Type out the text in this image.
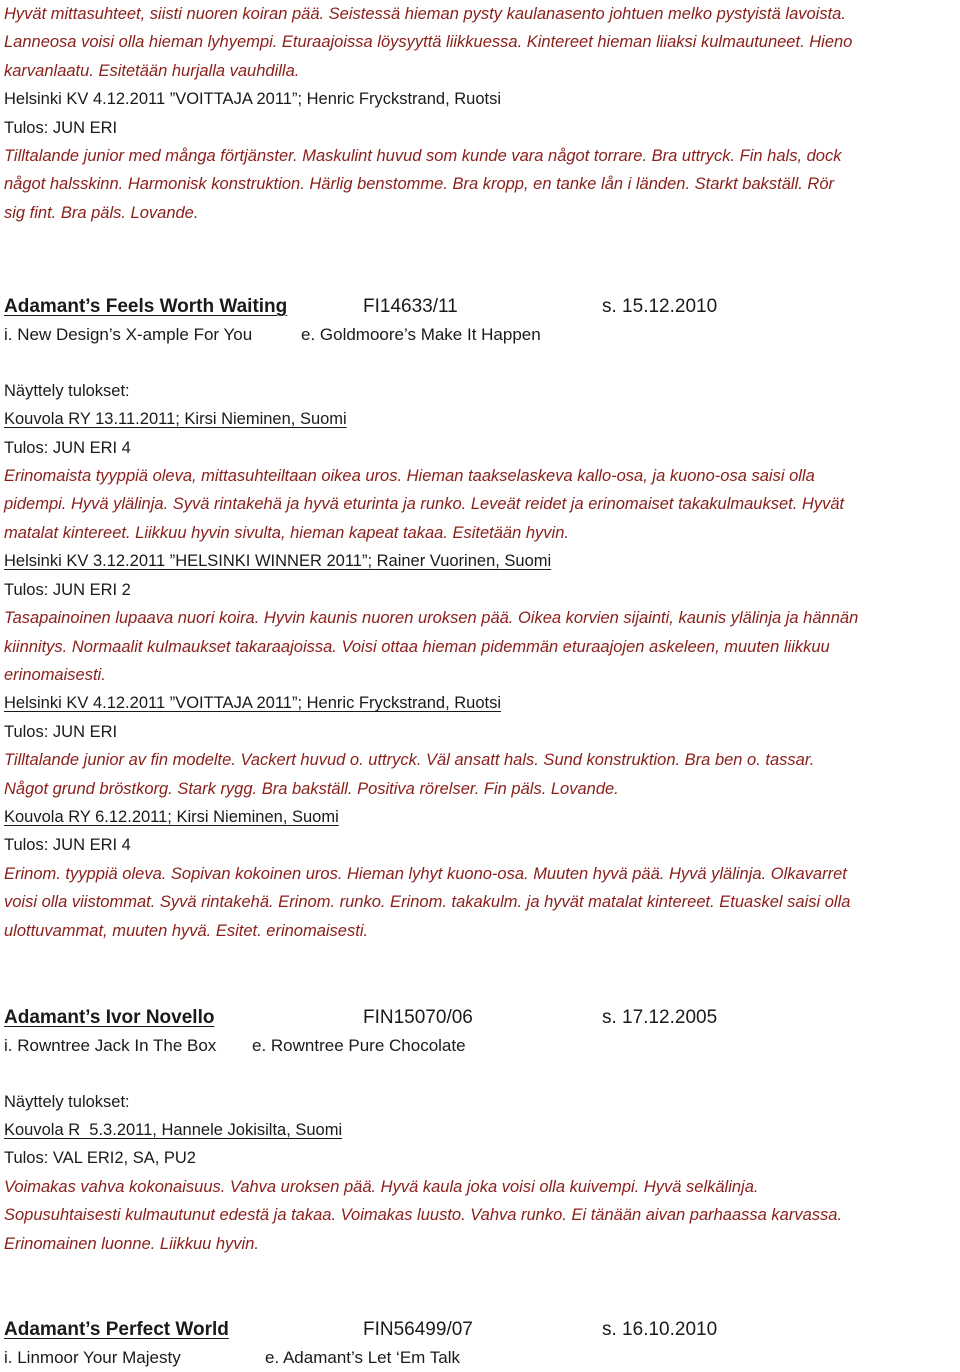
Hyvät mittasuhteet, siisti nuoren koiran pää. Seistessä hieman pysty kaulanasento johtuen melko pystyistä lavoista.
Lanneosa voisi olla hieman lyhyempi. Eturaajoissa löysyyttä liikkuessa. Kintereet hieman liiaksi kulmautuneet. Hieno
karvanlaatu. Esitetään hurjalla vauhdilla.
Helsinki KV 4.12.2011 ”VOITTAJA 2011”; Henric Fryckstrand, Ruotsi
Tulos: JUN ERI
Tilltalande junior med många förtjänster. Maskulint huvud som kunde vara något torrare. Bra uttryck. Fin hals, dock
något halsskinn. Harmonisk konstruktion. Härlig benstomme. Bra kropp, en tanke lån i länden. Starkt bakställ. Rör
sig fint. Bra päls. Lovande.
Adamant’s Feels Worth Waiting	FI14633/11	s. 15.12.2010
i. New Design’s X-ample For You	e. Goldmoore’s Make It Happen
Näyttely tulokset:
Kouvola RY 13.11.2011; Kirsi Nieminen, Suomi
Tulos: JUN ERI 4
Erinomaista tyyppiä oleva, mittasuhteiltaan oikea uros. Hieman taakselaskeva kallo-osa, ja kuono-osa saisi olla
pidempi. Hyvä ylälinja. Syvä rintakehä ja hyvä eturinta ja runko. Leveät reidet ja erinomaiset takakulmaukset. Hyvät
matalat kintereet. Liikkuu hyvin sivulta, hieman kapeat takaa. Esitetään hyvin.
Helsinki KV 3.12.2011 ”HELSINKI WINNER 2011”; Rainer Vuorinen, Suomi
Tulos: JUN ERI 2
Tasapainoinen lupaava nuori koira. Hyvin kaunis nuoren uroksen pää. Oikea korvien sijainti, kaunis ylälinja ja hännän
kiinnitys. Normaalit kulmaukset takaraajoissa. Voisi ottaa hieman pidemmän eturaajojen askeleen, muuten liikkuu
erinomaisesti.
Helsinki KV 4.12.2011 ”VOITTAJA 2011”; Henric Fryckstrand, Ruotsi
Tulos: JUN ERI
Tilltalande junior av fin modelte. Vackert huvud o. uttryck. Väl ansatt hals. Sund konstruktion. Bra ben o. tassar.
Något grund bröstkorg. Stark rygg. Bra bakställ. Positiva rörelser. Fin päls. Lovande.
Kouvola RY 6.12.2011; Kirsi Nieminen, Suomi
Tulos: JUN ERI 4
Erinom. tyyppiä oleva. Sopivan kokoinen uros. Hieman lyhyt kuono-osa. Muuten hyvä pää. Hyvä ylälinja. Olkavarret
voisi olla viistommat. Syvä rintakehä. Erinom. runko. Erinom. takakulm. ja hyvät matalat kintereet. Etuaskel saisi olla
ulottuvammat, muuten hyvä. Esitet. erinomaisesti.
Adamant’s Ivor Novello	FIN15070/06	s. 17.12.2005
i. Rowntree Jack In The Box e. Rowntree Pure Chocolate
Näyttely tulokset:
Kouvola R  5.3.2011, Hannele Jokisilta, Suomi
Tulos: VAL ERI2, SA, PU2
Voimakas vahva kokonaisuus. Vahva uroksen pää. Hyvä kaula joka voisi olla kuivempi. Hyvä selkälinja.
Sopusuhtaisesti kulmautunut edestä ja takaa. Voimakas luusto. Vahva runko. Ei tänään aivan parhaassa karvassa.
Erinomainen luonne. Liikkuu hyvin.
Adamant’s Perfect World	FIN56499/07	s. 16.10.2010
i. Linmoor Your Majesty	e. Adamant’s Let ‘Em Talk
